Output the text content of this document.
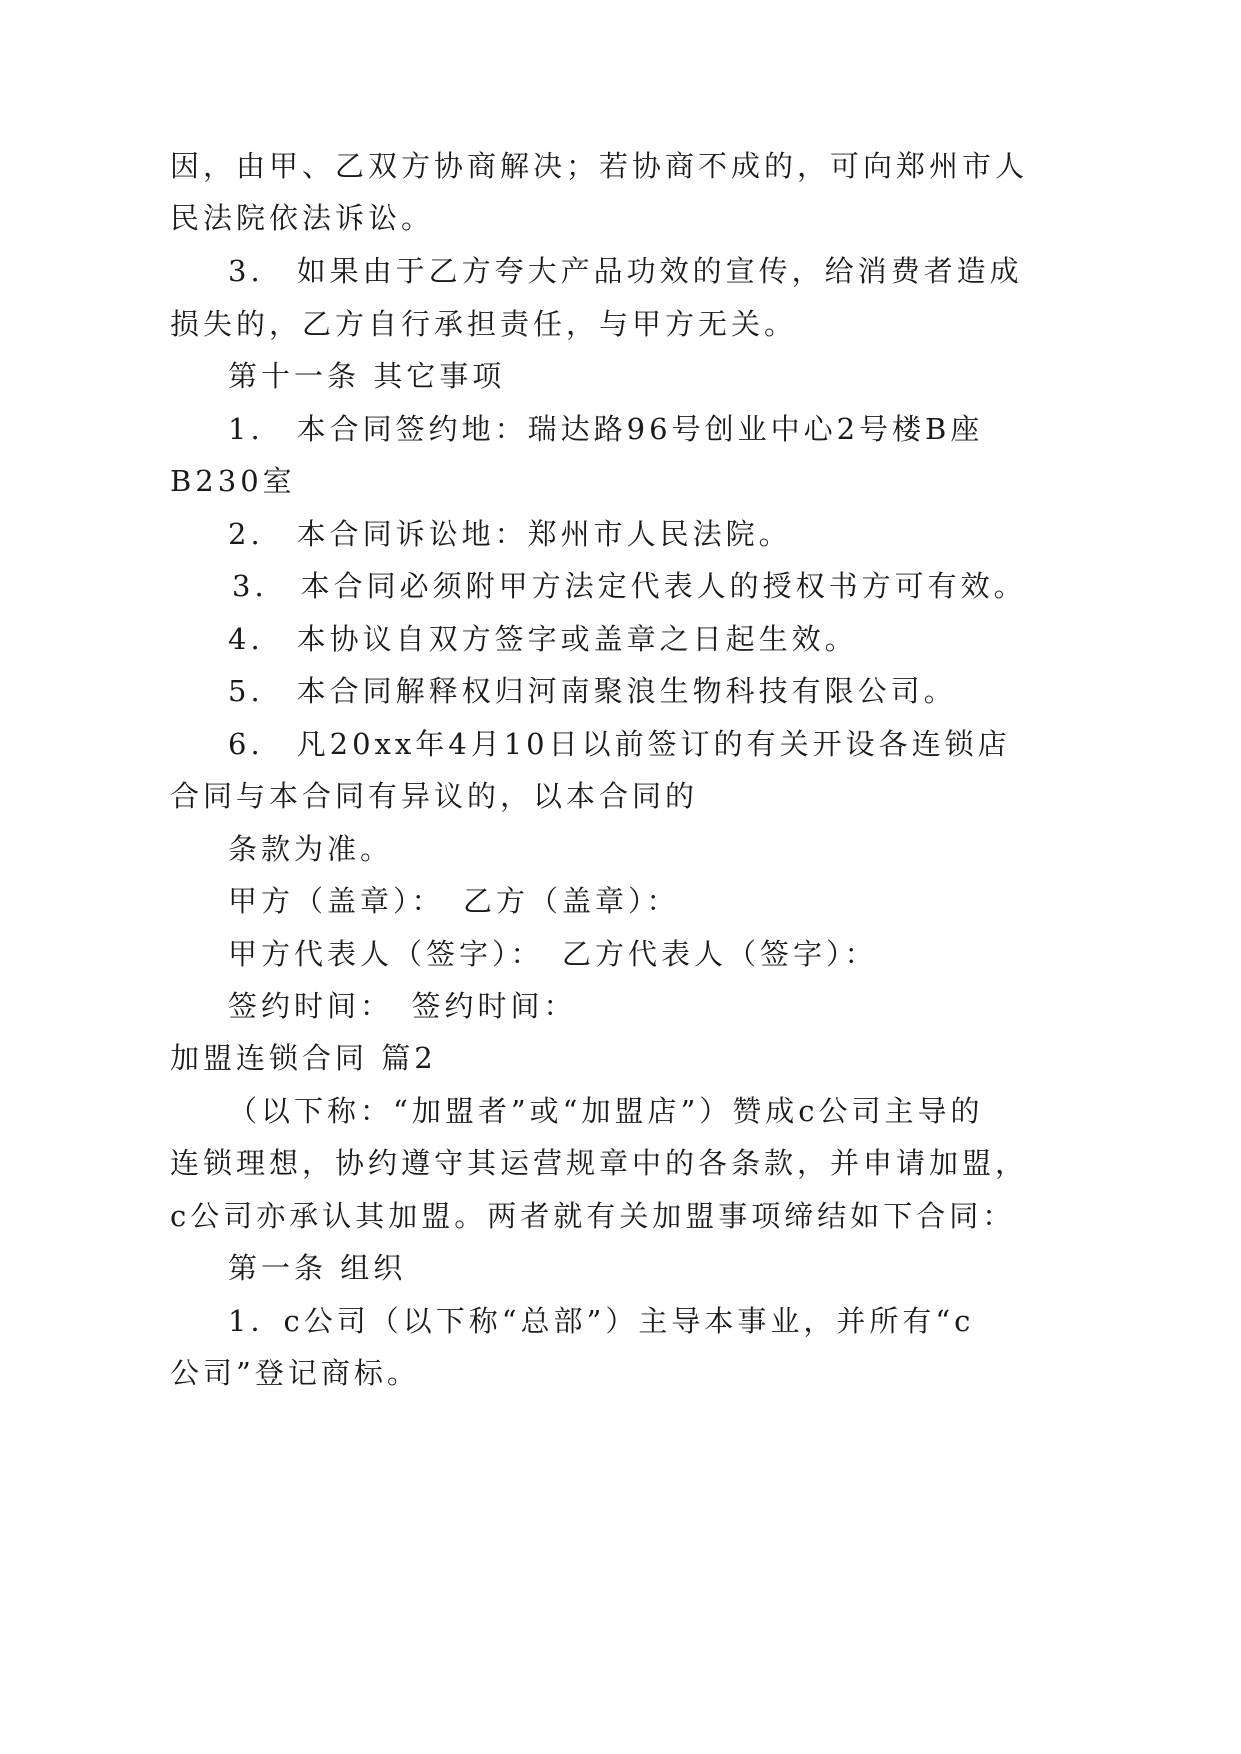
因，由甲、乙双方协商解决；若协商不成的，可向郑州市人

民法院依法诉讼。

3.　如果由于乙方夸大产品功效的宣传，给消费者造成

损失的，乙方自行承担责任，与甲方无关。

第十一条 其它事项

1.　本合同签约地：瑞达路96号创业中心2号楼B座

B230室

2.　本合同诉讼地：郑州市人民法院。

3.　本合同必须附甲方法定代表人的授权书方可有效。

4.　本协议自双方签字或盖章之日起生效。

5.　本合同解释权归河南聚浪生物科技有限公司。

6.　凡20xx年4月10日以前签订的有关开设各连锁店

合同与本合同有异议的，以本合同的

条款为准。

甲方（盖章）：　乙方（盖章）：

甲方代表人（签字）：　乙方代表人（签字）：

签约时间：　签约时间：

加盟连锁合同 篇2

（以下称：“加盟者”或“加盟店”）赞成c公司主导的

连锁理想，协约遵守其运营规章中的各条款，并申请加盟，

c公司亦承认其加盟。两者就有关加盟事项缔结如下合同：

第一条 组织

1．c公司（以下称“总部”）主导本事业，并所有“c

公司”登记商标。
